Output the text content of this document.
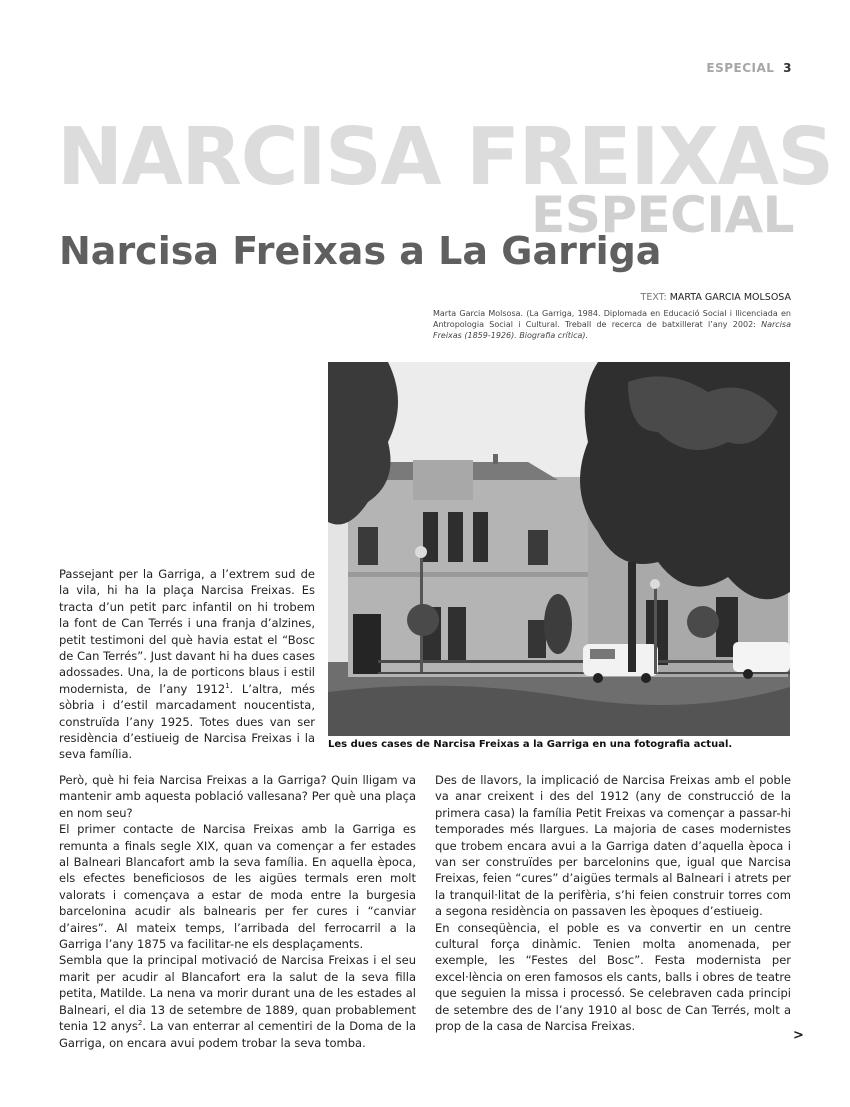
ESPECIAL 3
NARCISA FREIXAS
ESPECIAL
Narcisa Freixas a La Garriga
TEXT: MARTA GARCIA MOLSOSA
Marta Garcia Molsosa. (La Garriga, 1984. Diplomada en Educació Social i llicenciada en Antropologia Social i Cultural. Treball de recerca de batxillerat l’any 2002: Narcisa Freixas (1859-1926). Biografia crítica).
Les dues cases de Narcisa Freixas a la Garriga en una fotografia actual.

Passejant per la Garriga, a l’extrem sud de la vila, hi ha la plaça Narcisa Freixas. Es tracta d’un petit parc infantil on hi trobem la font de Can Terrés i una franja d’alzines, petit testimoni del què havia estat el “Bosc de Can Terrés”. Just davant hi ha dues cases adossades. Una, la de porticons blaus i estil modernista, de l’any 1912$^1$. L’altra, més sòbria i d’estil marcadament noucentista, construïda l’any 1925. Totes dues van ser residència d’estiueig de Narcisa Freixas i la seva família.

Però, què hi feia Narcisa Freixas a la Garriga? Quin lligam va mantenir amb aquesta població vallesana? Per què una plaça en nom seu?

El primer contacte de Narcisa Freixas amb la Garriga es remunta a finals segle XIX, quan va començar a fer estades al Balneari Blancafort amb la seva família. En aquella època, els efectes beneficiosos de les aigües termals eren molt valorats i començava a estar de moda entre la burgesia barcelonina acudir als balnearis per fer cures i “canviar d’aires”. Al mateix temps, l’arribada del ferrocarril a la Garriga l’any 1875 va facilitar-ne els desplaçaments.

Sembla que la principal motivació de Narcisa Freixas i el seu marit per acudir al Blancafort era la salut de la seva filla petita, Matilde. La nena va morir durant una de les estades al Balneari, el dia 13 de setembre de 1889, quan probablement tenia 12 anys$^2$. La van enterrar al cementiri de la Doma de la Garriga, on encara avui podem trobar la seva tomba.

Des de llavors, la implicació de Narcisa Freixas amb el poble va anar creixent i des del 1912 (any de construcció de la primera casa) la família Petit Freixas va començar a passar-hi temporades més llargues. La majoria de cases modernistes que trobem encara avui a la Garriga daten d’aquella època i van ser construïdes per barcelonins que, igual que Narcisa Freixas, feien “cures” d’aigües termals al Balneari i atrets per la tranquil·litat de la perifèria, s’hi feien construir torres com a segona residència on passaven les èpoques d’estiueig.

En conseqüència, el poble es va convertir en un centre cultural força dinàmic. Tenien molta anomenada, per exemple, les “Festes del Bosc”. Festa modernista per excel·lència on eren famosos els cants, balls i obres de teatre que seguien la missa i processó. Se celebraven cada principi de setembre des de l’any 1910 al bosc de Can Terrés, molt a prop de la casa de Narcisa Freixas.

>
